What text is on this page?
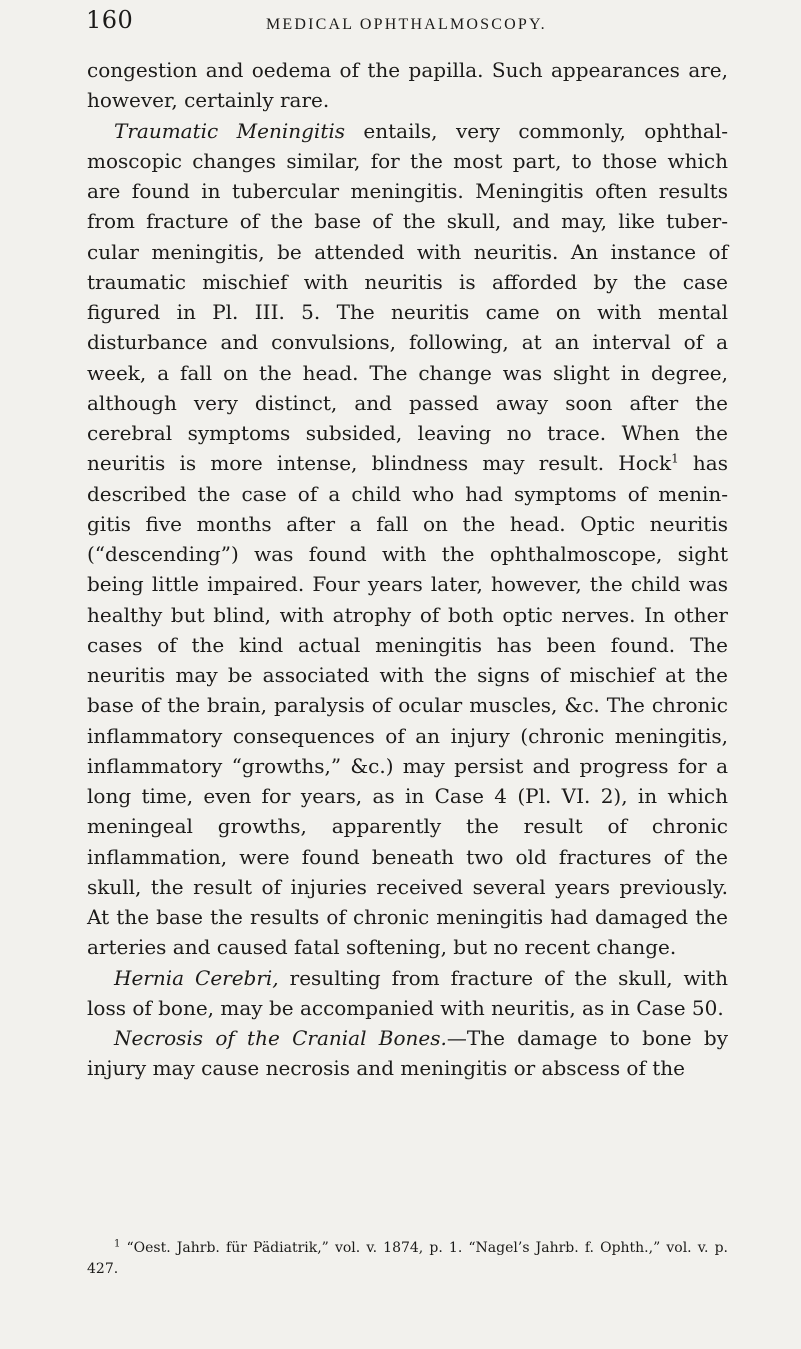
160	MEDICAL OPHTHALMOSCOPY.

congestion and oedema of the papilla. Such appearances are, however, certainly rare.

Traumatic Meningitis entails, very commonly, ophthal- moscopic changes similar, for the most part, to those which are found in tubercular meningitis. Meningitis often results from fracture of the base of the skull, and may, like tuber- cular meningitis, be attended with neuritis. An instance of traumatic mischief with neuritis is afforded by the case figured in Pl. III. 5. The neuritis came on with mental disturbance and convulsions, following, at an interval of a week, a fall on the head. The change was slight in degree, although very distinct, and passed away soon after the cerebral symptoms subsided, leaving no trace. When the neuritis is more intense, blindness may result. Hock$^1$ has described the case of a child who had symptoms of menin- gitis five months after a fall on the head. Optic neuritis (“descending”) was found with the ophthalmoscope, sight being little impaired. Four years later, however, the child was healthy but blind, with atrophy of both optic nerves. In other cases of the kind actual meningitis has been found. The neuritis may be associated with the signs of mischief at the base of the brain, paralysis of ocular muscles, &c. The chronic inflammatory consequences of an injury (chronic meningitis, inflammatory “growths,” &c.) may persist and progress for a long time, even for years, as in Case 4 (Pl. VI. 2), in which meningeal growths, apparently the result of chronic inflammation, were found beneath two old fractures of the skull, the result of injuries received several years previously. At the base the results of chronic meningitis had damaged the arteries and caused fatal softening, but no recent change.

Hernia Cerebri, resulting from fracture of the skull, with loss of bone, may be accompanied with neuritis, as in Case 50.

Necrosis of the Cranial Bones.—The damage to bone by injury may cause necrosis and meningitis or abscess of the

$^1$ “Oest. Jahrb. für Pädiatrik,” vol. v. 1874, p. 1. “Nagel’s Jahrb. f. Ophth.,” vol. v. p. 427.
